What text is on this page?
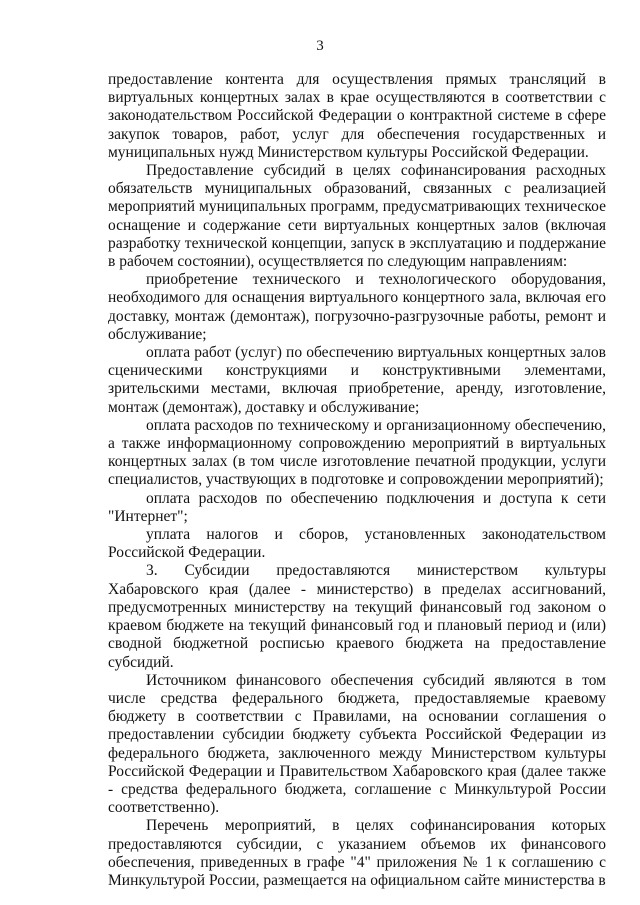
3

предоставление контента для осуществления прямых трансляций в виртуальных концертных залах в крае осуществляются в соответствии с законодательством Российской Федерации о контрактной системе в сфере закупок товаров, работ, услуг для обеспечения государственных и муниципальных нужд Министерством культуры Российской Федерации.

Предоставление субсидий в целях софинансирования расходных обязательств муниципальных образований, связанных с реализацией мероприятий муниципальных программ, предусматривающих техническое оснащение и содержание сети виртуальных концертных залов (включая разработку технической концепции, запуск в эксплуатацию и поддержание в рабочем состоянии), осуществляется по следующим направлениям:

приобретение технического и технологического оборудования, необходимого для оснащения виртуального концертного зала, включая его доставку, монтаж (демонтаж), погрузочно-разгрузочные работы, ремонт и обслуживание;

оплата работ (услуг) по обеспечению виртуальных концертных залов сценическими конструкциями и конструктивными элементами, зрительскими местами, включая приобретение, аренду, изготовление, монтаж (демонтаж), доставку и обслуживание;

оплата расходов по техническому и организационному обеспечению, а также информационному сопровождению мероприятий в виртуальных концертных залах (в том числе изготовление печатной продукции, услуги специалистов, участвующих в подготовке и сопровождении мероприятий);

оплата расходов по обеспечению подключения и доступа к сети "Интернет";

уплата налогов и сборов, установленных законодательством Российской Федерации.

3. Субсидии предоставляются министерством культуры Хабаровского края (далее - министерство) в пределах ассигнований, предусмотренных министерству на текущий финансовый год законом о краевом бюджете на текущий финансовый год и плановый период и (или) сводной бюджетной росписью краевого бюджета на предоставление субсидий.

Источником финансового обеспечения субсидий являются в том числе средства федерального бюджета, предоставляемые краевому бюджету в соответствии с Правилами, на основании соглашения о предоставлении субсидии бюджету субъекта Российской Федерации из федерального бюджета, заключенного между Министерством культуры Российской Федерации и Правительством Хабаровского края (далее также - средства федерального бюджета, соглашение с Минкультурой России соответственно).

Перечень мероприятий, в целях софинансирования которых предоставляются субсидии, с указанием объемов их финансового обеспечения, приведенных в графе "4" приложения № 1 к соглашению с Минкультурой России, размещается на официальном сайте министерства в
